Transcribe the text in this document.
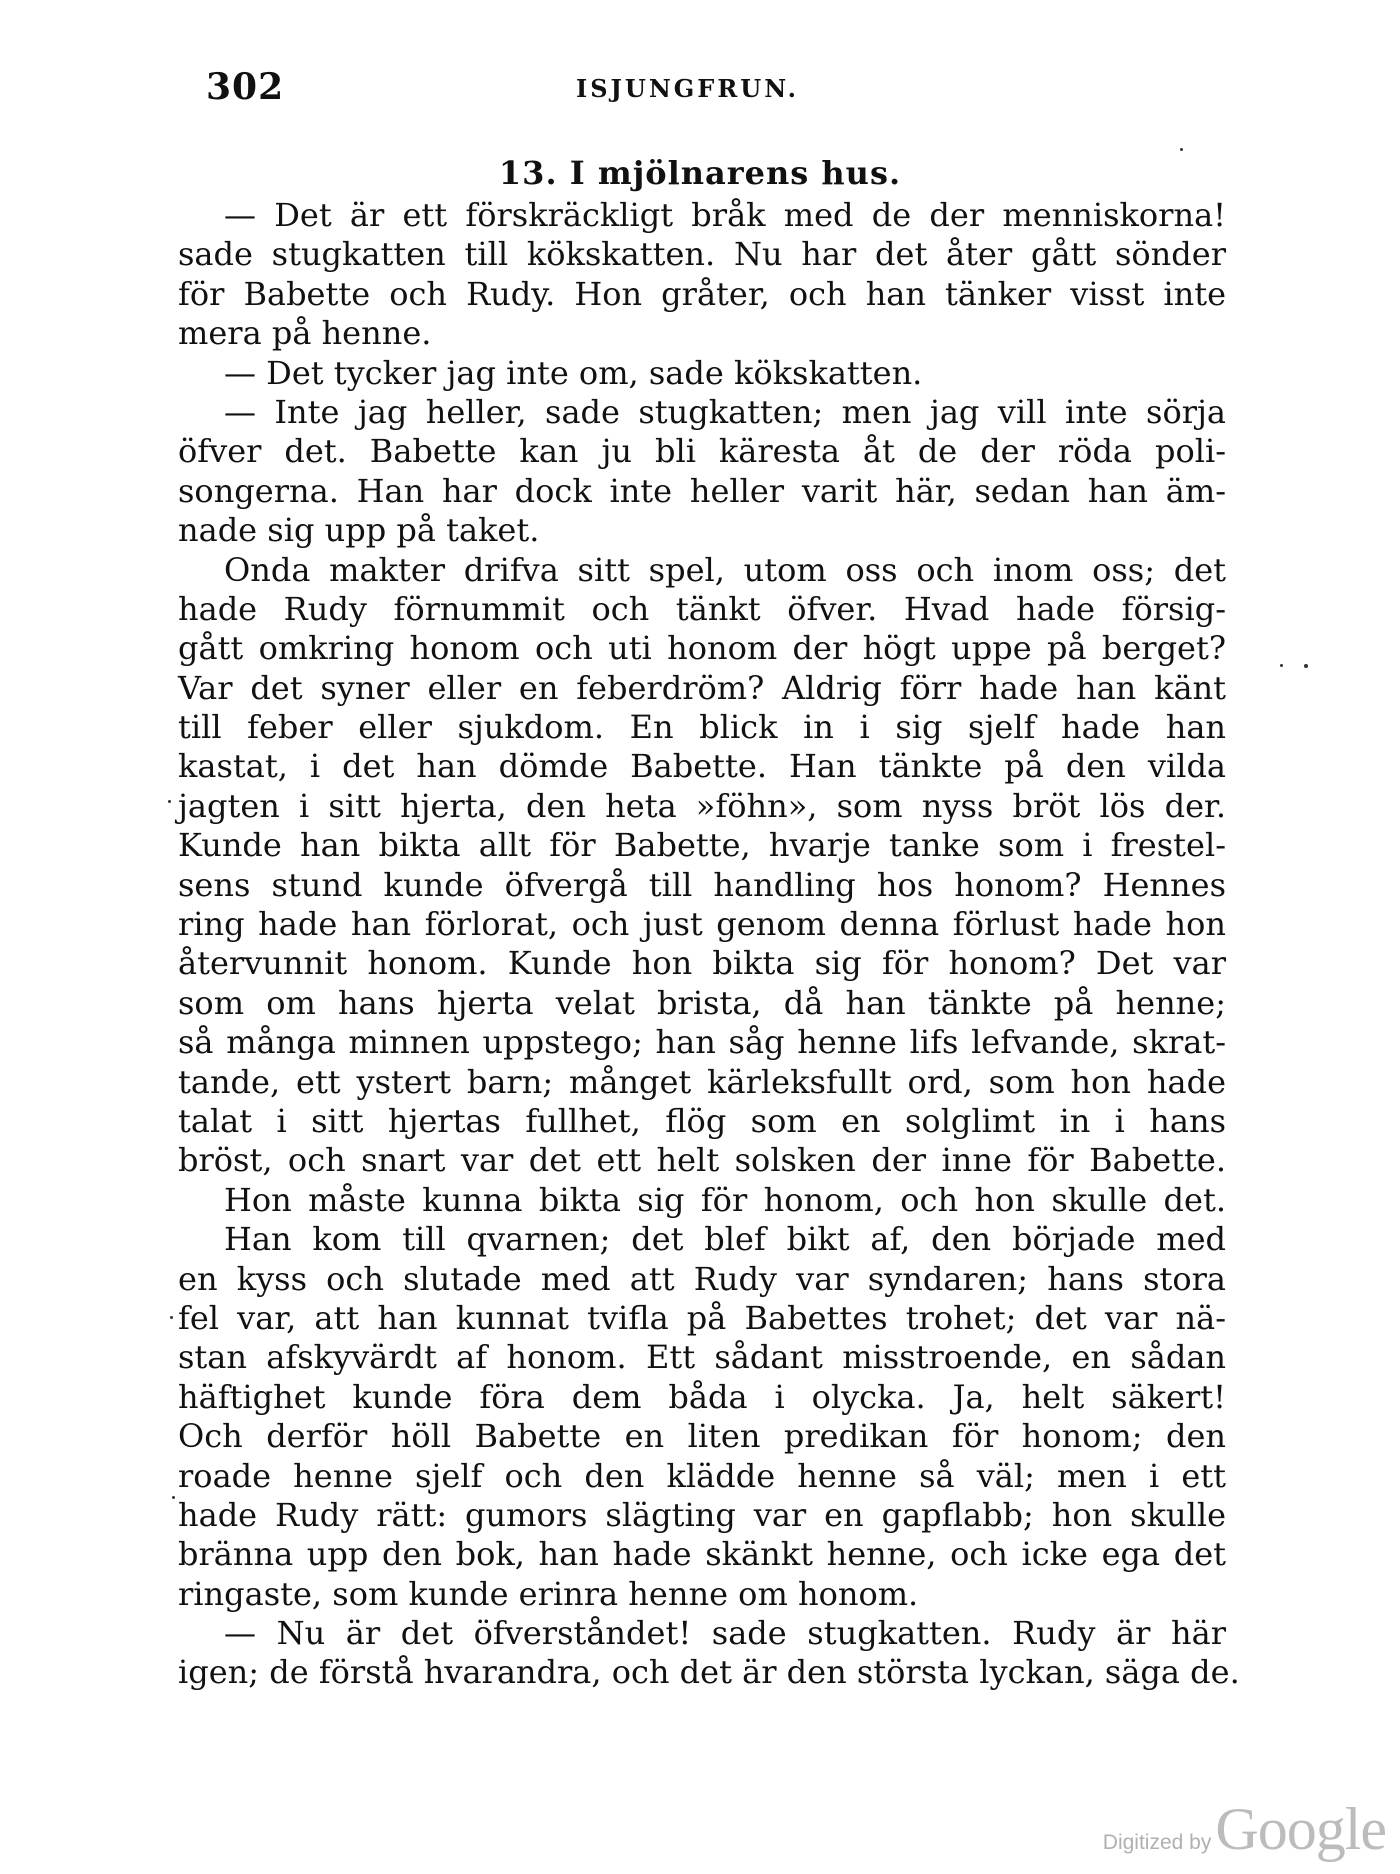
302	ISJUNGFRUN.
13. I mjölnarens hus.
— Det är ett förskräckligt bråk med de der menniskorna!
sade stugkatten till kökskatten. Nu har det åter gått sönder
för Babette och Rudy. Hon gråter, och han tänker visst inte
mera på henne.
— Det tycker jag inte om, sade kökskatten.
— Inte jag heller, sade stugkatten; men jag vill inte sörja
öfver det. Babette kan ju bli käresta åt de der röda poli-
songerna. Han har dock inte heller varit här, sedan han äm-
nade sig upp på taket.
Onda makter drifva sitt spel, utom oss och inom oss; det
hade Rudy förnummit och tänkt öfver. Hvad hade försig-
gått omkring honom och uti honom der högt uppe på berget?
Var det syner eller en feberdröm? Aldrig förr hade han känt
till feber eller sjukdom. En blick in i sig sjelf hade han
kastat, i det han dömde Babette. Han tänkte på den vilda
jagten i sitt hjerta, den heta »föhn», som nyss bröt lös der.
Kunde han bikta allt för Babette, hvarje tanke som i frestel-
sens stund kunde öfvergå till handling hos honom? Hennes
ring hade han förlorat, och just genom denna förlust hade hon
återvunnit honom. Kunde hon bikta sig för honom? Det var
som om hans hjerta velat brista, då han tänkte på henne;
så många minnen uppstego; han såg henne lifs lefvande, skrat-
tande, ett ystert barn; månget kärleksfullt ord, som hon hade
talat i sitt hjertas fullhet, flög som en solglimt in i hans
bröst, och snart var det ett helt solsken der inne för Babette.
Hon måste kunna bikta sig för honom, och hon skulle det.
Han kom till qvarnen; det blef bikt af, den började med
en kyss och slutade med att Rudy var syndaren; hans stora
fel var, att han kunnat tvifla på Babettes trohet; det var nä-
stan afskyvärdt af honom. Ett sådant misstroende, en sådan
häftighet kunde föra dem båda i olycka. Ja, helt säkert!
Och derför höll Babette en liten predikan för honom; den
roade henne sjelf och den klädde henne så väl; men i ett
hade Rudy rätt: gumors slägting var en gapflabb; hon skulle
bränna upp den bok, han hade skänkt henne, och icke ega det
ringaste, som kunde erinra henne om honom.
— Nu är det öfverståndet! sade stugkatten. Rudy är här
igen; de förstå hvarandra, och det är den största lyckan, säga de.
Digitized by Google
